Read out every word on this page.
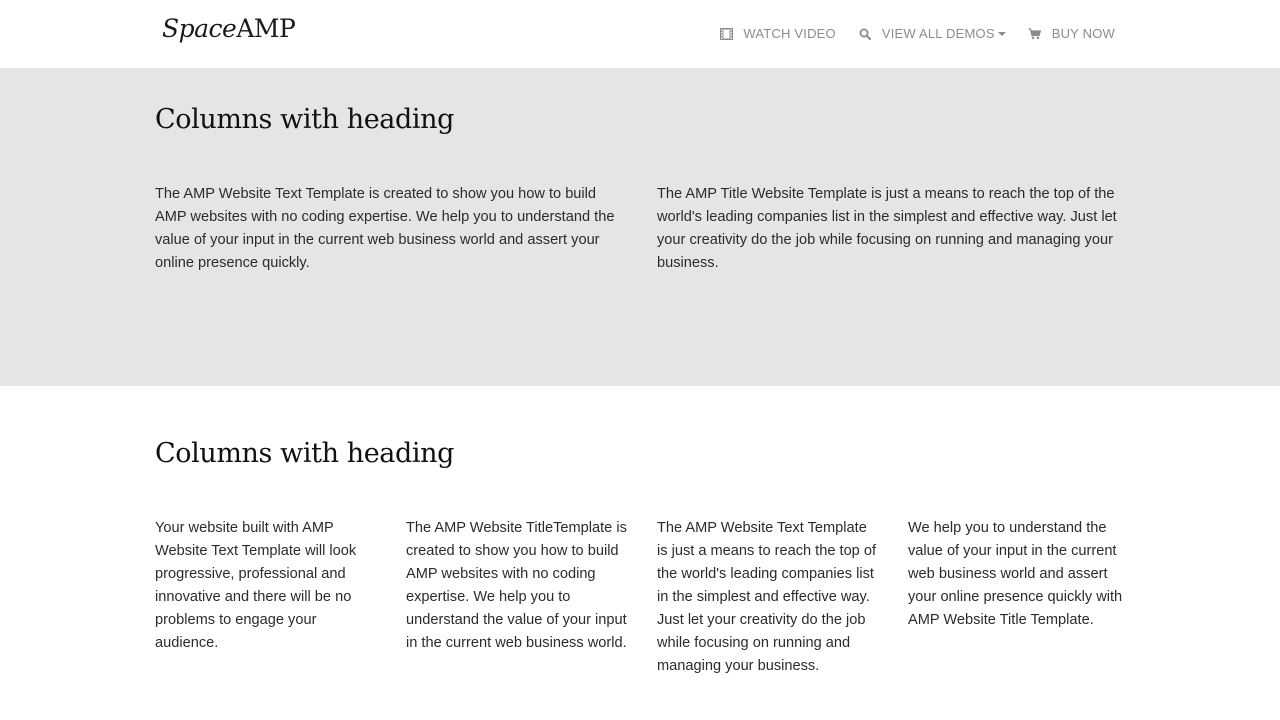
SpaceAMP	WATCH VIDEO	VIEW ALL DEMOS	BUY NOW
Columns with heading

The AMP Website Text Template is created to show you how to build AMP websites with no coding expertise. We help you to understand the value of your input in the current web business world and assert your online presence quickly.

The AMP Title Website Template is just a means to reach the top of the world's leading companies list in the simplest and effective way. Just let your creativity do the job while focusing on running and managing your business.

Columns with heading

Your website built with AMP Website Text Template will look progressive, professional and innovative and there will be no problems to engage your audience.

The AMP Website TitleTemplate is created to show you how to build AMP websites with no coding expertise. We help you to understand the value of your input in the current web business world.

The AMP Website Text Template is just a means to reach the top of the world's leading companies list in the simplest and effective way. Just let your creativity do the job while focusing on running and managing your business.

We help you to understand the value of your input in the current web business world and assert your online presence quickly with AMP Website Title Template.
